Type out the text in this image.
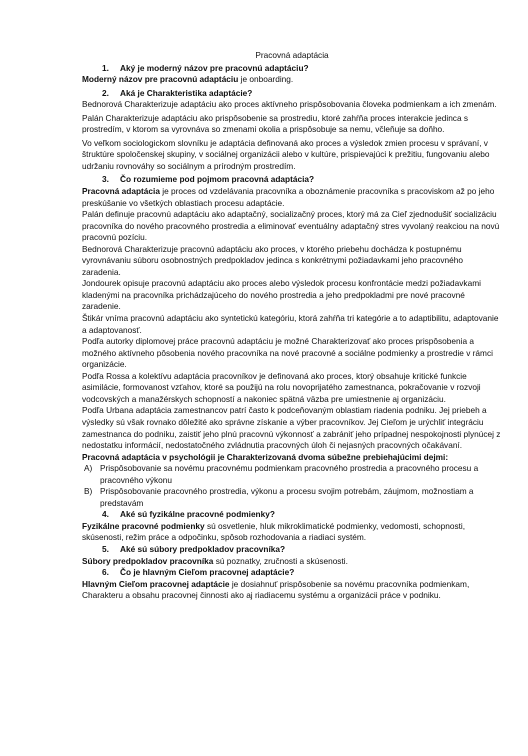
Pracovná adaptácia
1. Aký je moderný názov pre pracovnú adaptáciu?

Moderný názov pre pracovnú adaptáciu je onboarding.

2. Aká je Charakteristika adaptácie?

Bednorová Charakterizuje adaptáciu ako proces aktívneho prispôsobovania človeka podmienkam a ich zmenám.

Palán Charakterizuje adaptáciu ako prispôsobenie sa prostrediu, ktoré zahŕňa proces interakcie jedinca s prostredím, v ktorom sa vyrovnáva so zmenami okolia a prispôsobuje sa nemu, včleňuje sa doňho.

Vo veľkom sociologickom slovníku je adaptácia definovaná ako proces a výsledok zmien procesu v správaní, v štruktúre spoločenskej skupiny, v sociálnej organizácii alebo v kultúre, prispievajúci k prežitiu, fungovaniu alebo udržaniu rovnováhy so sociálnym a prírodným prostredím.

3. Čo rozumieme pod pojmom pracovná adaptácia?

Pracovná adaptácia je proces od vzdelávania pracovníka a oboznámenie pracovníka s pracoviskom až po jeho preskúšanie vo všetkých oblastiach procesu adaptácie.

Palán definuje pracovnú adaptáciu ako adaptačný, socializačný proces, ktorý má za Cieľ zjednodušiť socializáciu pracovníka do nového pracovného prostredia a eliminovať eventuálny adaptačný stres vyvolaný reakciou na novú pracovnú pozíciu.

Bednorová Charakterizuje pracovnú adaptáciu ako proces, v ktorého priebehu dochádza k postupnému vyrovnávaniu súboru osobnostných predpokladov jedinca s konkrétnymi požiadavkami jeho pracovného zaradenia.

Jondourek opisuje pracovnú adaptáciu ako proces alebo výsledok procesu konfrontácie medzi požiadavkami kladenými na pracovníka prichádzajúceho do nového prostredia a jeho predpokladmi pre nové pracovné zaradenie.

Štikár vníma pracovnú adaptáciu ako syntetickú kategóriu, ktorá zahŕňa tri kategórie a to adaptibilitu, adaptovanie a adaptovanosť.

Podľa autorky diplomovej práce pracovnú adaptáciu je možné Charakterizovať ako proces prispôsobenia a možného aktívneho pôsobenia nového pracovníka na nové pracovné a sociálne podmienky a prostredie v rámci organizácie.

Podľa Rossa a kolektívu adaptácia pracovníkov je definovaná ako proces, ktorý obsahuje kritické funkcie asimilácie, formovanost vzťahov, ktoré sa použijú na rolu novoprijatého zamestnanca, pokračovanie v rozvoji vodcovských a manažérskych schopností a nakoniec spätná väzba pre umiestnenie aj organizáciu.

Podľa Urbana adaptácia zamestnancov patrí často k podceňovaným oblastiam riadenia podniku. Jej priebeh a výsledky sú však rovnako dôležité ako správne získanie a výber pracovníkov. Jej Cieľom je urýchliť integráciu zamestnanca do podniku, zaistiť jeho plnú pracovnú výkonnosť a zabrániť jeho prípadnej nespokojnosti plynúcej z nedostatku informácií, nedostatočného zvládnutia pracovných úloh či nejasných pracovných očakávaní.

Pracovná adaptácia v psychológii je Charakterizovaná dvoma súbežne prebiehajúcimi dejmi:

A) Prispôsobovanie sa novému pracovnému podmienkam pracovného prostredia a pracovného procesu a pracovného výkonu
B) Prispôsobovanie pracovného prostredia, výkonu a procesu svojim potrebám, záujmom, možnostiam a predstavám
4. Aké sú fyzikálne pracovné podmienky?

Fyzikálne pracovné podmienky sú osvetlenie, hluk mikroklimatické podmienky, vedomosti, schopnosti, skúsenosti, režim práce a odpočinku, spôsob rozhodovania a riadiaci systém.

5. Aké sú súbory predpokladov pracovníka?

Súbory predpokladov pracovníka sú poznatky, zručnosti a skúsenosti.

6. Čo je hlavným Cieľom pracovnej adaptácie?

Hlavným Cieľom pracovnej adaptácie je dosiahnuť prispôsobenie sa novému pracovníka podmienkam, Charakteru a obsahu pracovnej činnosti ako aj riadiacemu systému a organizácii práce v podniku.
